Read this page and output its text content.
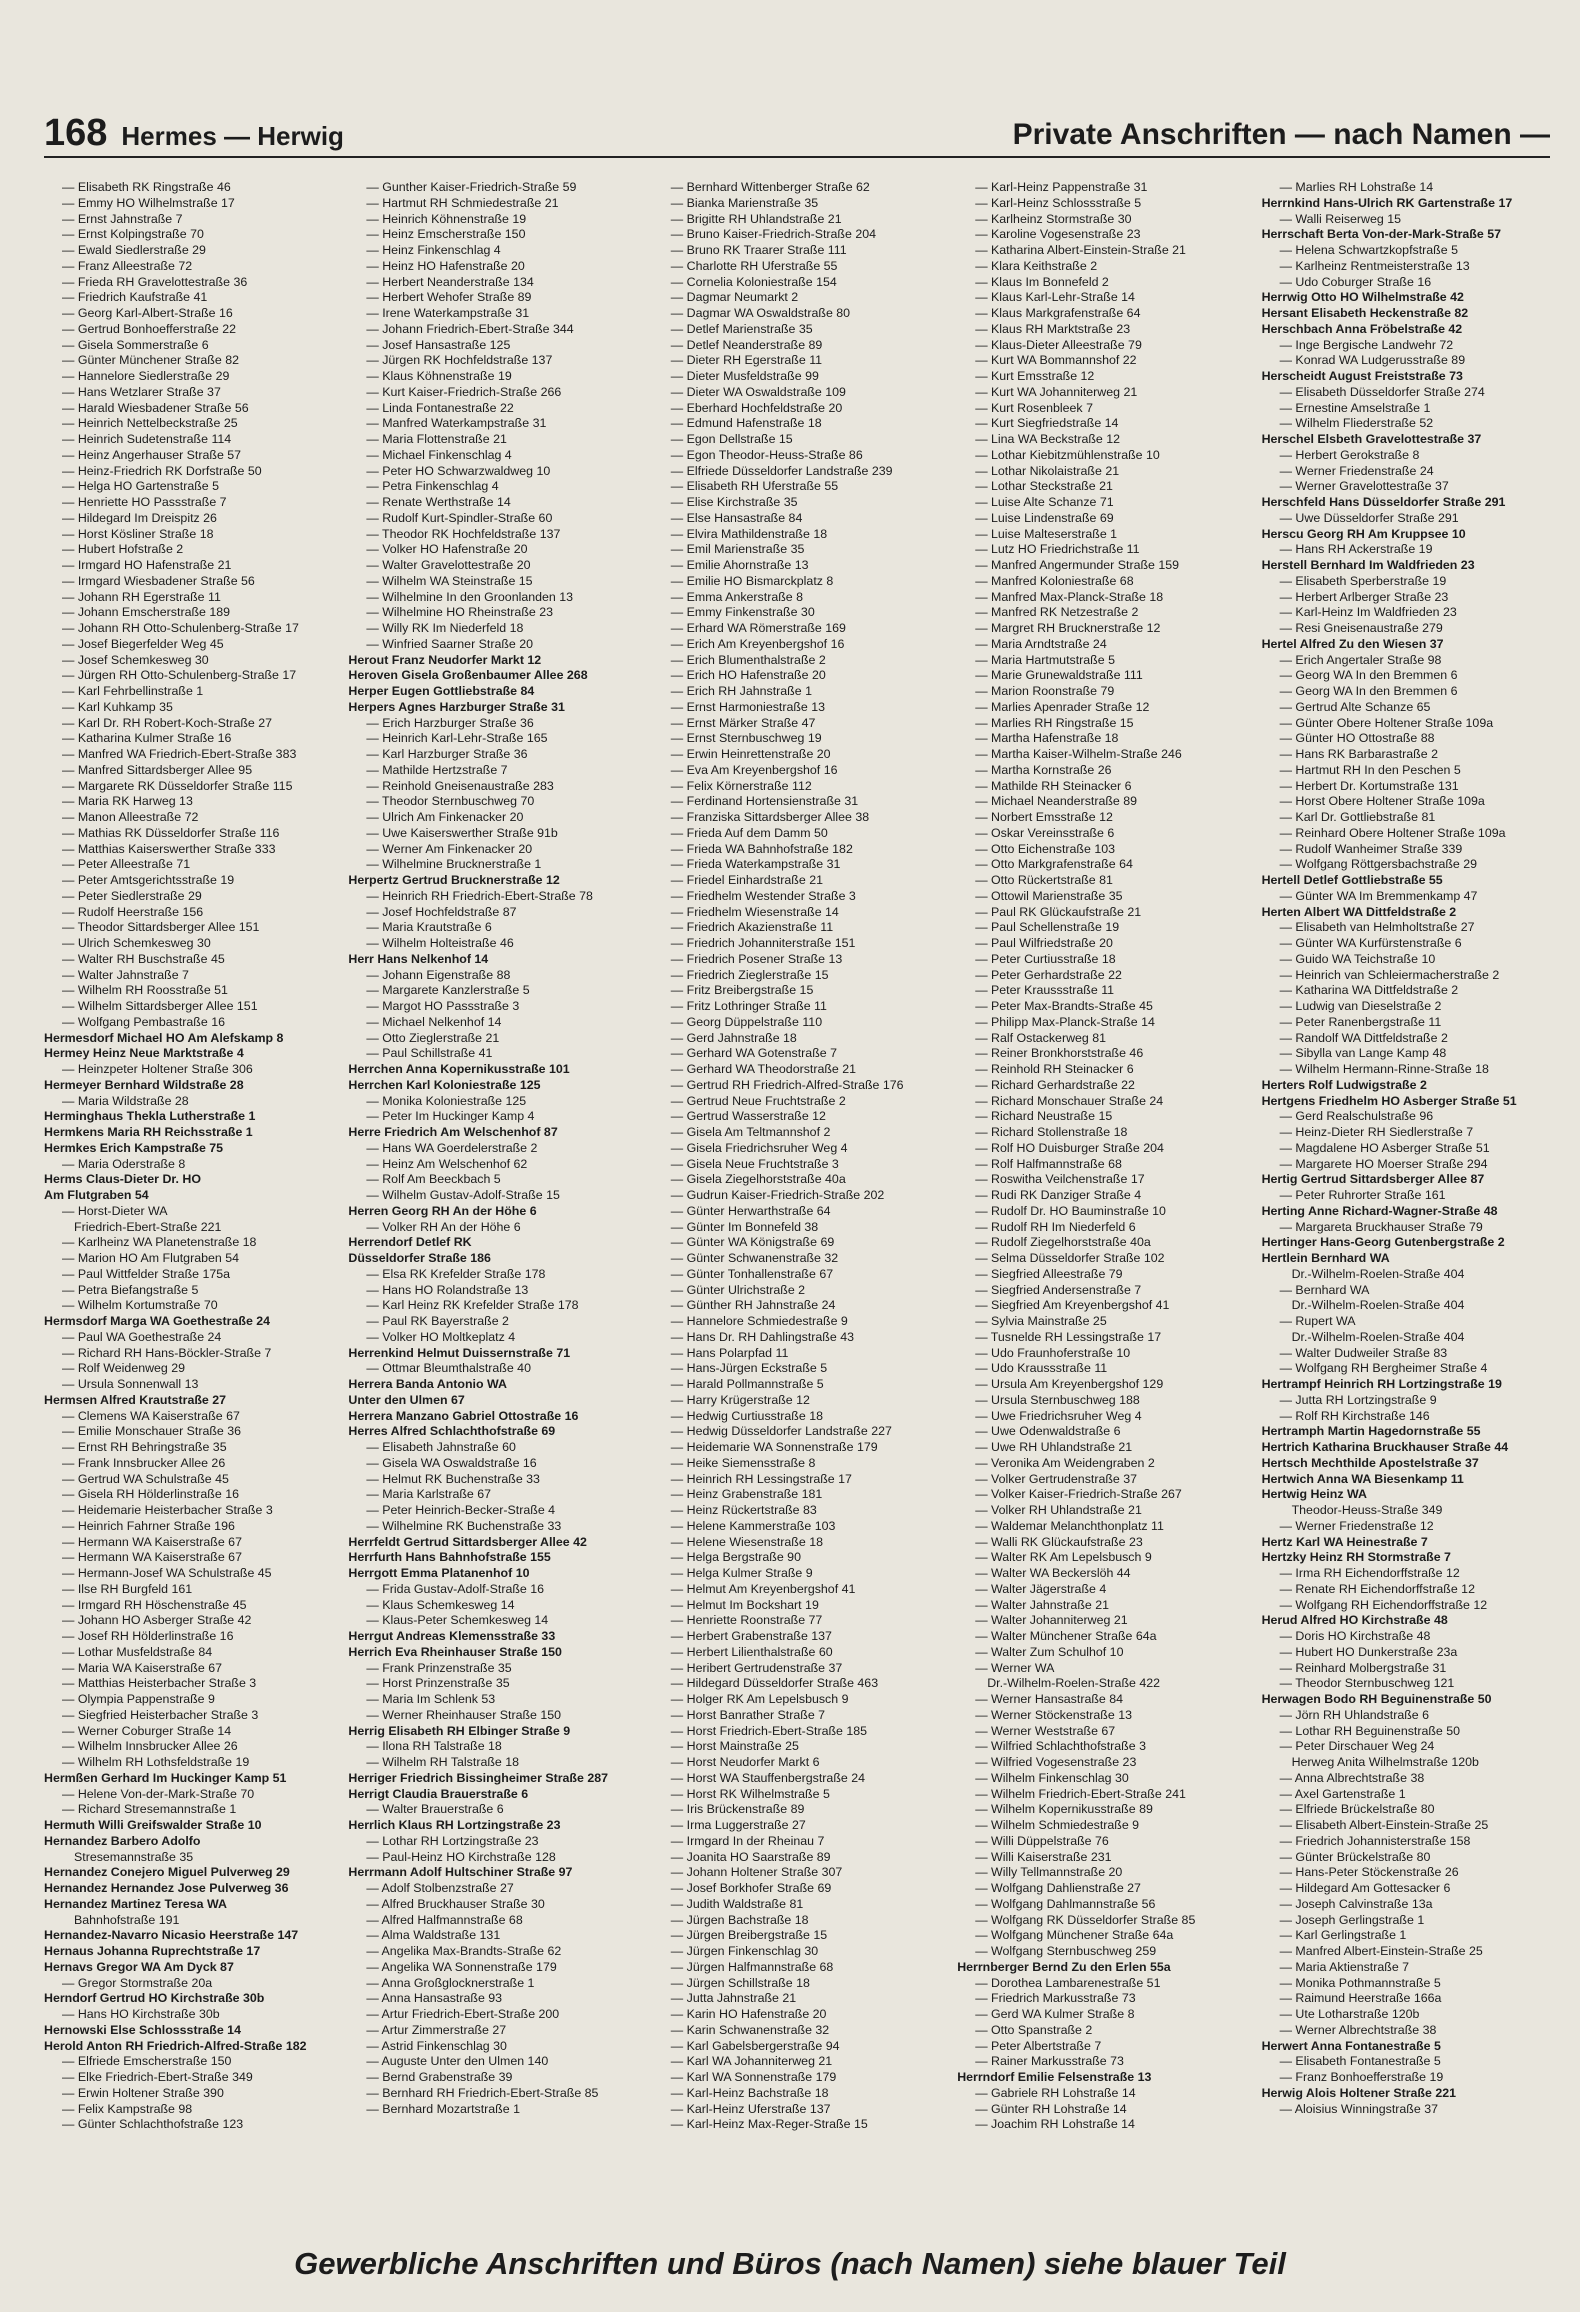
168 Hermes — Herwig	Private Anschriften — nach Namen —
— Elisabeth RK Ringstraße 46
— Emmy HO Wilhelmstraße 17
— Ernst Jahnstraße 7
— Ernst Kolpingstraße 70
— Ewald Siedlerstraße 29
— Franz Alleestraße 72
— Frieda RH Gravelottestraße 36
— Friedrich Kaufstraße 41
— Georg Karl-Albert-Straße 16
— Gertrud Bonhoefferstraße 22
— Gisela Sommerstraße 6
— Günter Münchener Straße 82
— Hannelore Siedlerstraße 29
— Hans Wetzlarer Straße 37
— Harald Wiesbadener Straße 56
— Heinrich Nettelbeckstraße 25
— Heinrich Sudetenstraße 114
— Heinz Angerhauser Straße 57
— Heinz-Friedrich RK Dorfstraße 50
— Helga HO Gartenstraße 5
— Henriette HO Passstraße 7
— Hildegard Im Dreispitz 26
— Horst Kösliner Straße 18
— Hubert Hofstraße 2
— Irmgard HO Hafenstraße 21
— Irmgard Wiesbadener Straße 56
— Johann RH Egerstraße 11
— Johann Emscherstraße 189
— Johann RH Otto-Schulenberg-Straße 17
— Josef Biegerfelder Weg 45
— Josef Schemkesweg 30
— Jürgen RH Otto-Schulenberg-Straße 17
— Karl Fehrbellinstraße 1
— Karl Kuhkamp 35
— Karl Dr. RH Robert-Koch-Straße 27
— Katharina Kulmer Straße 16
— Manfred WA Friedrich-Ebert-Straße 383
— Manfred Sittardsberger Allee 95
— Margarete RK Düsseldorfer Straße 115
— Maria RK Harweg 13
— Manon Alleestraße 72
— Mathias RK Düsseldorfer Straße 116
— Matthias Kaiserswerther Straße 333
— Peter Alleestraße 71
— Peter Amtsgerichtsstraße 19
— Peter Siedlerstraße 29
— Rudolf Heerstraße 156
— Theodor Sittardsberger Allee 151
— Ulrich Schemkesweg 30
— Walter RH Buschstraße 45
— Walter Jahnstraße 7
— Wilhelm RH Roosstraße 51
— Wilhelm Sittardsberger Allee 151
— Wolfgang Pembastraße 16
Hermesdorf Michael HO Am Alefskamp 8
Hermey Heinz Neue Marktstraße 4
— Heinzpeter Holtener Straße 306
Hermeyer Bernhard Wildstraße 28
— Maria Wildstraße 28
Herminghaus Thekla Lutherstraße 1
Hermkens Maria RH Reichsstraße 1
Hermkes Erich Kampstraße 75
— Maria Oderstraße 8
Herms Claus-Dieter Dr. HO
Am Flutgraben 54
— Horst-Dieter WA
Friedrich-Ebert-Straße 221
— Karlheinz WA Planetenstraße 18
— Marion HO Am Flutgraben 54
— Paul Wittfelder Straße 175a
— Petra Biefangstraße 5
— Wilhelm Kortumstraße 70
Hermsdorf Marga WA Goethestraße 24
— Paul WA Goethestraße 24
— Richard RH Hans-Böckler-Straße 7
— Rolf Weidenweg 29
— Ursula Sonnenwall 13
Hermsen Alfred Krautstraße 27
— Clemens WA Kaiserstraße 67
— Emilie Monschauer Straße 36
— Ernst RH Behringstraße 35
— Frank Innsbrucker Allee 26
— Gertrud WA Schulstraße 45
— Gisela RH Hölderlinstraße 16
— Heidemarie Heisterbacher Straße 3
— Heinrich Fahrner Straße 196
— Hermann WA Kaiserstraße 67
— Hermann WA Kaiserstraße 67
— Hermann-Josef WA Schulstraße 45
— Ilse RH Burgfeld 161
— Irmgard RH Höschenstraße 45
— Johann HO Asberger Straße 42
— Josef RH Hölderlinstraße 16
— Lothar Musfeldstraße 84
— Maria WA Kaiserstraße 67
— Matthias Heisterbacher Straße 3
— Olympia Pappenstraße 9
— Siegfried Heisterbacher Straße 3
— Werner Coburger Straße 14
— Wilhelm Innsbrucker Allee 26
— Wilhelm RH Lothsfeldstraße 19
Hermßen Gerhard Im Huckinger Kamp 51
— Helene Von-der-Mark-Straße 70
— Richard Stresemannstraße 1
Hermuth Willi Greifswalder Straße 10
Hernandez Barbero Adolfo
Stresemannstraße 35
Hernandez Conejero Miguel Pulverweg 29
Hernandez Hernandez Jose Pulverweg 36
Hernandez Martinez Teresa WA
Bahnhofstraße 191
Hernandez-Navarro Nicasio Heerstraße 147
Hernaus Johanna Ruprechtstraße 17
Hernavs Gregor WA Am Dyck 87
— Gregor Stormstraße 20a
Herndorf Gertrud HO Kirchstraße 30b
— Hans HO Kirchstraße 30b
Hernowski Else Schlossstraße 14
Herold Anton RH Friedrich-Alfred-Straße 182
— Elfriede Emscherstraße 150
— Elke Friedrich-Ebert-Straße 349
— Erwin Holtener Straße 390
— Felix Kampstraße 98
— Günter Schlachthofstraße 123
— Gunther Kaiser-Friedrich-Straße 59
— Hartmut RH Schmiedestraße 21
— Heinrich Köhnenstraße 19
— Heinz Emscherstraße 150
— Heinz Finkenschlag 4
— Heinz HO Hafenstraße 20
— Herbert Neanderstraße 134
— Herbert Wehofer Straße 89
— Irene Waterkampstraße 31
— Johann Friedrich-Ebert-Straße 344
— Josef Hansastraße 125
— Jürgen RK Hochfeldstraße 137
— Klaus Köhnenstraße 19
— Kurt Kaiser-Friedrich-Straße 266
— Linda Fontanestraße 22
— Manfred Waterkampstraße 31
— Maria Flottenstraße 21
— Michael Finkenschlag 4
— Peter HO Schwarzwaldweg 10
— Petra Finkenschlag 4
— Renate Werthstraße 14
— Rudolf Kurt-Spindler-Straße 60
— Theodor RK Hochfeldstraße 137
— Volker HO Hafenstraße 20
— Walter Gravelottestraße 20
— Wilhelm WA Steinstraße 15
— Wilhelmine In den Groonlanden 13
— Wilhelmine HO Rheinstraße 23
— Willy RK Im Niederfeld 18
— Winfried Saarner Straße 20
Herout Franz Neudorfer Markt 12
Heroven Gisela Großenbaumer Allee 268
Herper Eugen Gottliebstraße 84
Herpers Agnes Harzburger Straße 31
— Erich Harzburger Straße 36
— Heinrich Karl-Lehr-Straße 165
— Karl Harzburger Straße 36
— Mathilde Hertzstraße 7
— Reinhold Gneisenaustraße 283
— Theodor Sternbuschweg 70
— Ulrich Am Finkenacker 20
— Uwe Kaiserswerther Straße 91b
— Werner Am Finkenacker 20
— Wilhelmine Brucknerstraße 1
Herpertz Gertrud Brucknerstraße 12
— Heinrich RH Friedrich-Ebert-Straße 78
— Josef Hochfeldstraße 87
— Maria Krautstraße 6
— Wilhelm Holteistraße 46
Herr Hans Nelkenhof 14
— Johann Eigenstraße 88
— Margarete Kanzlerstraße 5
— Margot HO Passstraße 3
— Michael Nelkenhof 14
— Otto Zieglerstraße 21
— Paul Schillstraße 41
Herrchen Anna Kopernikusstraße 101
Herrchen Karl Koloniestraße 125
— Monika Koloniestraße 125
— Peter Im Huckinger Kamp 4
Herre Friedrich Am Welschenhof 87
— Hans WA Goerdelerstraße 2
— Heinz Am Welschenhof 62
— Rolf Am Beeckbach 5
— Wilhelm Gustav-Adolf-Straße 15
Herren Georg RH An der Höhe 6
— Volker RH An der Höhe 6
Herrendorf Detlef RK
Düsseldorfer Straße 186
— Elsa RK Krefelder Straße 178
— Hans HO Rolandstraße 13
— Karl Heinz RK Krefelder Straße 178
— Paul RK Bayerstraße 2
— Volker HO Moltkeplatz 4
Herrenkind Helmut Duissernstraße 71
— Ottmar Bleumthalstraße 40
Herrera Banda Antonio WA
Unter den Ulmen 67
Herrera Manzano Gabriel Ottostraße 16
Herres Alfred Schlachthofstraße 69
— Elisabeth Jahnstraße 60
— Gisela WA Oswaldstraße 16
— Helmut RK Buchenstraße 33
— Maria Karlstraße 67
— Peter Heinrich-Becker-Straße 4
— Wilhelmine RK Buchenstraße 33
Herrfeldt Gertrud Sittardsberger Allee 42
Herrfurth Hans Bahnhofstraße 155
Herrgott Emma Platanenhof 10
— Frida Gustav-Adolf-Straße 16
— Klaus Schemkesweg 14
— Klaus-Peter Schemkesweg 14
Herrgut Andreas Klemensstraße 33
Herrich Eva Rheinhauser Straße 150
— Frank Prinzenstraße 35
— Horst Prinzenstraße 35
— Maria Im Schlenk 53
— Werner Rheinhauser Straße 150
Herrig Elisabeth RH Elbinger Straße 9
— Ilona RH Talstraße 18
— Wilhelm RH Talstraße 18
Herriger Friedrich Bissingheimer Straße 287
Herrigt Claudia Brauerstraße 6
— Walter Brauerstraße 6
Herrlich Klaus RH Lortzingstraße 23
— Lothar RH Lortzingstraße 23
— Paul-Heinz HO Kirchstraße 128
Herrmann Adolf Hultschiner Straße 97
— Adolf Stolbenzstraße 27
— Alfred Bruckhauser Straße 30
— Alfred Halfmannstraße 68
— Alma Waldstraße 131
— Angelika Max-Brandts-Straße 62
— Angelika WA Sonnenstraße 179
— Anna Großglocknerstraße 1
— Anna Hansastraße 93
— Artur Friedrich-Ebert-Straße 200
— Artur Zimmerstraße 27
— Astrid Finkenschlag 30
— Auguste Unter den Ulmen 140
— Bernd Grabenstraße 39
— Bernhard RH Friedrich-Ebert-Straße 85
— Bernhard Mozartstraße 1
— Bernhard Wittenberger Straße 62
— Bianka Marienstraße 35
— Brigitte RH Uhlandstraße 21
— Bruno Kaiser-Friedrich-Straße 204
— Bruno RK Traarer Straße 111
— Charlotte RH Uferstraße 55
— Cornelia Koloniestraße 154
— Dagmar Neumarkt 2
— Dagmar WA Oswaldstraße 80
— Detlef Marienstraße 35
— Detlef Neanderstraße 89
— Dieter RH Egerstraße 11
— Dieter Musfeldstraße 99
— Dieter WA Oswaldstraße 109
— Eberhard Hochfeldstraße 20
— Edmund Hafenstraße 18
— Egon Dellstraße 15
— Egon Theodor-Heuss-Straße 86
— Elfriede Düsseldorfer Landstraße 239
— Elisabeth RH Uferstraße 55
— Elise Kirchstraße 35
— Else Hansastraße 84
— Elvira Mathildenstraße 18
— Emil Marienstraße 35
— Emilie Ahornstraße 13
— Emilie HO Bismarckplatz 8
— Emma Ankerstraße 8
— Emmy Finkenstraße 30
— Erhard WA Römerstraße 169
— Erich Am Kreyenbergshof 16
— Erich Blumenthalstraße 2
— Erich HO Hafenstraße 20
— Erich RH Jahnstraße 1
— Ernst Harmoniestraße 13
— Ernst Märker Straße 47
— Ernst Sternbuschweg 19
— Erwin Heinrettenstraße 20
— Eva Am Kreyenbergshof 16
— Felix Körnerstraße 112
— Ferdinand Hortensienstraße 31
— Franziska Sittardsberger Allee 38
— Frieda Auf dem Damm 50
— Frieda WA Bahnhofstraße 182
— Frieda Waterkampstraße 31
— Friedel Einhardstraße 21
— Friedhelm Westender Straße 3
— Friedhelm Wiesenstraße 14
— Friedrich Akazienstraße 11
— Friedrich Johanniterstraße 151
— Friedrich Posener Straße 13
— Friedrich Zieglerstraße 15
— Fritz Breibergstraße 15
— Fritz Lothringer Straße 11
— Georg Düppelstraße 110
— Gerd Jahnstraße 18
— Gerhard WA Gotenstraße 7
— Gerhard WA Theodorstraße 21
— Gertrud RH Friedrich-Alfred-Straße 176
— Gertrud Neue Fruchtstraße 2
— Gertrud Wasserstraße 12
— Gisela Am Teltmannshof 2
— Gisela Friedrichsruher Weg 4
— Gisela Neue Fruchtstraße 3
— Gisela Ziegelhorststraße 40a
— Gudrun Kaiser-Friedrich-Straße 202
— Günter Herwarthstraße 64
— Günter Im Bonnefeld 38
— Günter WA Königstraße 69
— Günter Schwanenstraße 32
— Günter Tonhallenstraße 67
— Günter Ulrichstraße 2
— Günther RH Jahnstraße 24
— Hannelore Schmiedestraße 9
— Hans Dr. RH Dahlingstraße 43
— Hans Polarpfad 11
— Hans-Jürgen Eckstraße 5
— Harald Pollmannstraße 5
— Harry Krügerstraße 12
— Hedwig Curtiusstraße 18
— Hedwig Düsseldorfer Landstraße 227
— Heidemarie WA Sonnenstraße 179
— Heike Siemensstraße 8
— Heinrich RH Lessingstraße 17
— Heinz Grabenstraße 181
— Heinz Rückertstraße 83
— Helene Kammerstraße 103
— Helene Wiesenstraße 18
— Helga Bergstraße 90
— Helga Kulmer Straße 9
— Helmut Am Kreyenbergshof 41
— Helmut Im Bockshart 19
— Henriette Roonstraße 77
— Herbert Grabenstraße 137
— Herbert Lilienthalstraße 60
— Heribert Gertrudenstraße 37
— Hildegard Düsseldorfer Straße 463
— Holger RK Am Lepelsbusch 9
— Horst Banrather Straße 7
— Horst Friedrich-Ebert-Straße 185
— Horst Mainstraße 25
— Horst Neudorfer Markt 6
— Horst WA Stauffenbergstraße 24
— Horst RK Wilhelmstraße 5
— Iris Brückenstraße 89
— Irma Luggerstraße 27
— Irmgard In der Rheinau 7
— Joanita HO Saarstraße 89
— Johann Holtener Straße 307
— Josef Borkhofer Straße 69
— Judith Waldstraße 81
— Jürgen Bachstraße 18
— Jürgen Breibergstraße 15
— Jürgen Finkenschlag 30
— Jürgen Halfmannstraße 68
— Jürgen Schillstraße 18
— Jutta Jahnstraße 21
— Karin HO Hafenstraße 20
— Karin Schwanenstraße 32
— Karl Gabelsbergerstraße 94
— Karl WA Johanniterweg 21
— Karl WA Sonnenstraße 179
— Karl-Heinz Bachstraße 18
— Karl-Heinz Uferstraße 137
— Karl-Heinz Max-Reger-Straße 15
— Karl-Heinz Pappenstraße 31
— Karl-Heinz Schlossstraße 5
— Karlheinz Stormstraße 30
— Karoline Vogesenstraße 23
— Katharina Albert-Einstein-Straße 21
— Klara Keithstraße 2
— Klaus Im Bonnefeld 2
— Klaus Karl-Lehr-Straße 14
— Klaus Markgrafenstraße 64
— Klaus RH Marktstraße 23
— Klaus-Dieter Alleestraße 79
— Kurt WA Bommannshof 22
— Kurt Emsstraße 12
— Kurt WA Johanniterweg 21
— Kurt Rosenbleek 7
— Kurt Siegfriedstraße 14
— Lina WA Beckstraße 12
— Lothar Kiebitzmühlenstraße 10
— Lothar Nikolaistraße 21
— Lothar Steckstraße 21
— Luise Alte Schanze 71
— Luise Lindenstraße 69
— Luise Malteserstraße 1
— Lutz HO Friedrichstraße 11
— Manfred Angermunder Straße 159
— Manfred Koloniestraße 68
— Manfred Max-Planck-Straße 18
— Manfred RK Netzestraße 2
— Margret RH Brucknerstraße 12
— Maria Arndtstraße 24
— Maria Hartmutstraße 5
— Marie Grunewaldstraße 111
— Marion Roonstraße 79
— Marlies Apenrader Straße 12
— Marlies RH Ringstraße 15
— Martha Hafenstraße 18
— Martha Kaiser-Wilhelm-Straße 246
— Martha Kornstraße 26
— Mathilde RH Steinacker 6
— Michael Neanderstraße 89
— Norbert Emsstraße 12
— Oskar Vereinsstraße 6
— Otto Eichenstraße 103
— Otto Markgrafenstraße 64
— Otto Rückertstraße 81
— Ottowil Marienstraße 35
— Paul RK Glückaufstraße 21
— Paul Schellenstraße 19
— Paul Wilfriedstraße 20
— Peter Curtiusstraße 18
— Peter Gerhardstraße 22
— Peter Kraussstraße 11
— Peter Max-Brandts-Straße 45
— Philipp Max-Planck-Straße 14
— Ralf Ostackerweg 81
— Reiner Bronkhorststraße 46
— Reinhold RH Steinacker 6
— Richard Gerhardstraße 22
— Richard Monschauer Straße 24
— Richard Neustraße 15
— Richard Stollenstraße 18
— Rolf HO Duisburger Straße 204
— Rolf Halfmannstraße 68
— Roswitha Veilchenstraße 17
— Rudi RK Danziger Straße 4
— Rudolf Dr. HO Bauminstraße 10
— Rudolf RH Im Niederfeld 6
— Rudolf Ziegelhorststraße 40a
— Selma Düsseldorfer Straße 102
— Siegfried Alleestraße 79
— Siegfried Andersenstraße 7
— Siegfried Am Kreyenbergshof 41
— Sylvia Mainstraße 25
— Tusnelde RH Lessingstraße 17
— Udo Fraunhoferstraße 10
— Udo Kraussstraße 11
— Ursula Am Kreyenbergshof 129
— Ursula Sternbuschweg 188
— Uwe Friedrichsruher Weg 4
— Uwe Odenwaldstraße 6
— Uwe RH Uhlandstraße 21
— Veronika Am Weidengraben 2
— Volker Gertrudenstraße 37
— Volker Kaiser-Friedrich-Straße 267
— Volker RH Uhlandstraße 21
— Waldemar Melanchthonplatz 11
— Walli RK Glückaufstraße 23
— Walter RK Am Lepelsbusch 9
— Walter WA Beckerslöh 44
— Walter Jägerstraße 4
— Walter Jahnstraße 21
— Walter Johanniterweg 21
— Walter Münchener Straße 64a
— Walter Zum Schulhof 10
— Werner WA
Dr.-Wilhelm-Roelen-Straße 422
— Werner Hansastraße 84
— Werner Stöckenstraße 13
— Werner Weststraße 67
— Wilfried Schlachthofstraße 3
— Wilfried Vogesenstraße 23
— Wilhelm Finkenschlag 30
— Wilhelm Friedrich-Ebert-Straße 241
— Wilhelm Kopernikusstraße 89
— Wilhelm Schmiedestraße 9
— Willi Düppelstraße 76
— Willi Kaiserstraße 231
— Willy Tellmannstraße 20
— Wolfgang Dahlienstraße 27
— Wolfgang Dahlmannstraße 56
— Wolfgang RK Düsseldorfer Straße 85
— Wolfgang Münchener Straße 64a
— Wolfgang Sternbuschweg 259
Herrnberger Bernd Zu den Erlen 55a
— Dorothea Lambarenestraße 51
— Friedrich Markusstraße 73
— Gerd WA Kulmer Straße 8
— Otto Spanstraße 2
— Peter Albertstraße 7
— Rainer Markusstraße 73
Herrndorf Emilie Felsenstraße 13
— Gabriele RH Lohstraße 14
— Günter RH Lohstraße 14
— Joachim RH Lohstraße 14
— Marlies RH Lohstraße 14
Herrnkind Hans-Ulrich RK Gartenstraße 17
— Walli Reiserweg 15
Herrschaft Berta Von-der-Mark-Straße 57
— Helena Schwartzkopfstraße 5
— Karlheinz Rentmeisterstraße 13
— Udo Coburger Straße 16
Herrwig Otto HO Wilhelmstraße 42
Hersant Elisabeth Heckenstraße 82
Herschbach Anna Fröbelstraße 42
— Inge Bergische Landwehr 72
— Konrad WA Ludgerusstraße 89
Herscheidt August Freiststraße 73
— Elisabeth Düsseldorfer Straße 274
— Ernestine Amselstraße 1
— Wilhelm Fliederstraße 52
Herschel Elsbeth Gravelottestraße 37
— Herbert Gerokstraße 8
— Werner Friedenstraße 24
— Werner Gravelottestraße 37
Herschfeld Hans Düsseldorfer Straße 291
— Uwe Düsseldorfer Straße 291
Herscu Georg RH Am Kruppsee 10
— Hans RH Ackerstraße 19
Herstell Bernhard Im Waldfrieden 23
— Elisabeth Sperberstraße 19
— Herbert Arlberger Straße 23
— Karl-Heinz Im Waldfrieden 23
— Resi Gneisenaustraße 279
Hertel Alfred Zu den Wiesen 37
— Erich Angertaler Straße 98
— Georg WA In den Bremmen 6
— Georg WA In den Bremmen 6
— Gertrud Alte Schanze 65
— Günter Obere Holtener Straße 109a
— Günter HO Ottostraße 88
— Hans RK Barbarastraße 2
— Hartmut RH In den Peschen 5
— Herbert Dr. Kortumstraße 131
— Horst Obere Holtener Straße 109a
— Karl Dr. Gottliebstraße 81
— Reinhard Obere Holtener Straße 109a
— Rudolf Wanheimer Straße 339
— Wolfgang Röttgersbachstraße 29
Hertell Detlef Gottliebstraße 55
— Günter WA Im Bremmenkamp 47
Herten Albert WA Dittfeldstraße 2
— Elisabeth van Helmholtstraße 27
— Günter WA Kurfürstenstraße 6
— Guido WA Teichstraße 10
— Heinrich van Schleiermacherstraße 2
— Katharina WA Dittfeldstraße 2
— Ludwig van Dieselstraße 2
— Peter Ranenbergstraße 11
— Randolf WA Dittfeldstraße 2
— Sibylla van Lange Kamp 48
— Wilhelm Hermann-Rinne-Straße 18
Herters Rolf Ludwigstraße 2
Hertgens Friedhelm HO Asberger Straße 51
— Gerd Realschulstraße 96
— Heinz-Dieter RH Siedlerstraße 7
— Magdalene HO Asberger Straße 51
— Margarete HO Moerser Straße 294
Hertig Gertrud Sittardsberger Allee 87
— Peter Ruhrorter Straße 161
Herting Anne Richard-Wagner-Straße 48
— Margareta Bruckhauser Straße 79
Hertinger Hans-Georg Gutenbergstraße 2
Hertlein Bernhard WA
Dr.-Wilhelm-Roelen-Straße 404
— Bernhard WA
Dr.-Wilhelm-Roelen-Straße 404
— Rupert WA
Dr.-Wilhelm-Roelen-Straße 404
— Walter Dudweiler Straße 83
— Wolfgang RH Bergheimer Straße 4
Hertrampf Heinrich RH Lortzingstraße 19
— Jutta RH Lortzingstraße 9
— Rolf RH Kirchstraße 146
Hertramph Martin Hagedornstraße 55
Hertrich Katharina Bruckhauser Straße 44
Hertsch Mechthilde Apostelstraße 37
Hertwich Anna WA Biesenkamp 11
Hertwig Heinz WA
Theodor-Heuss-Straße 349
— Werner Friedenstraße 12
Hertz Karl WA Heinestraße 7
Hertzky Heinz RH Stormstraße 7
— Irma RH Eichendorffstraße 12
— Renate RH Eichendorffstraße 12
— Wolfgang RH Eichendorffstraße 12
Herud Alfred HO Kirchstraße 48
— Doris HO Kirchstraße 48
— Hubert HO Dunkerstraße 23a
— Reinhard Molbergstraße 31
— Theodor Sternbuschweg 121
Herwagen Bodo RH Beguinenstraße 50
— Jörn RH Uhlandstraße 6
— Lothar RH Beguinenstraße 50
— Peter Dirschauer Weg 24
Herweg Anita Wilhelmstraße 120b
— Anna Albrechtstraße 38
— Axel Gartenstraße 1
— Elfriede Brückelstraße 80
— Elisabeth Albert-Einstein-Straße 25
— Friedrich Johannisterstraße 158
— Günter Brückelstraße 80
— Hans-Peter Stöckenstraße 26
— Hildegard Am Gottesacker 6
— Joseph Calvinstraße 13a
— Joseph Gerlingstraße 1
— Karl Gerlingstraße 1
— Manfred Albert-Einstein-Straße 25
— Maria Aktienstraße 7
— Monika Pothmannstraße 5
— Raimund Heerstraße 166a
— Ute Lotharstraße 120b
— Werner Albrechtstraße 38
Herwert Anna Fontanestraße 5
— Elisabeth Fontanestraße 5
— Franz Bonhoefferstraße 19
Herwig Alois Holtener Straße 221
— Aloisius Winningstraße 37
Gewerbliche Anschriften und Büros (nach Namen) siehe blauer Teil
